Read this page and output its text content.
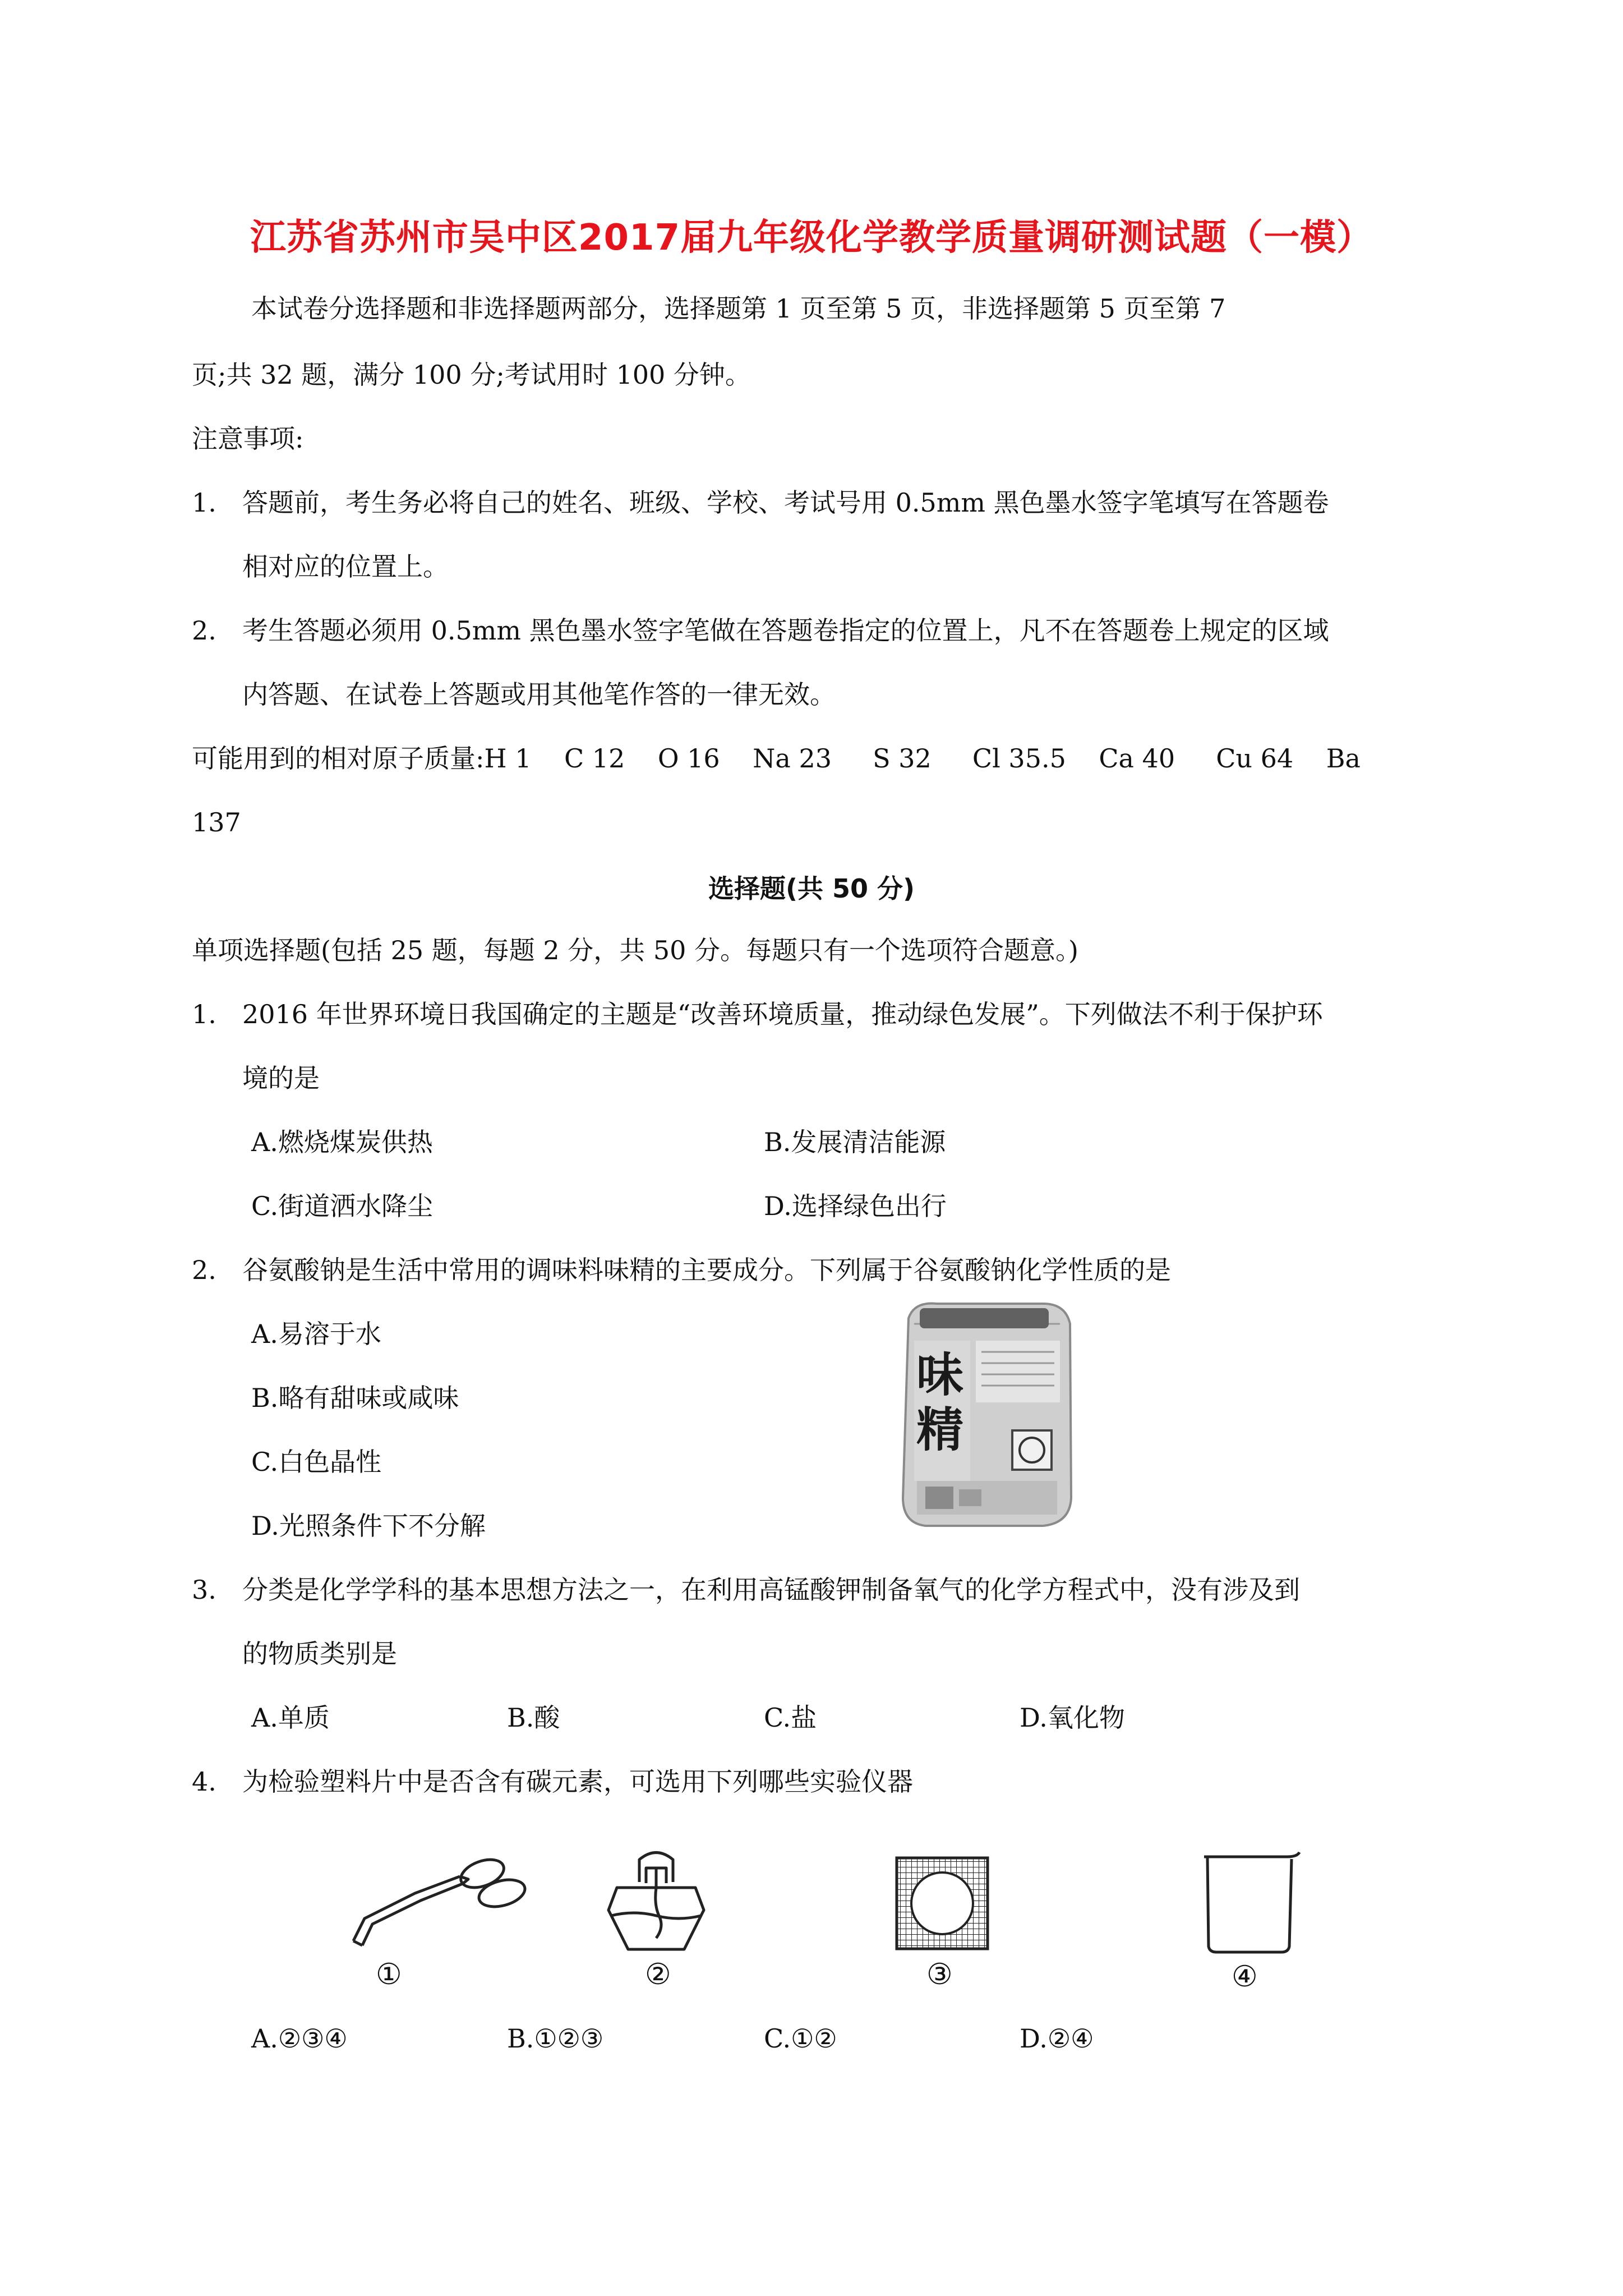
江苏省苏州市吴中区2017届九年级化学教学质量调研测试题（一模）
本试卷分选择题和非选择题两部分，选择题第 1 页至第 5 页，非选择题第 5 页至第 7
页;共 32 题，满分 100 分;考试用时 100 分钟。
注意事项:
1. 答题前，考生务必将自己的姓名、班级、学校、考试号用 0.5mm 黑色墨水签字笔填写在答题卷
相对应的位置上。
2. 考生答题必须用 0.5mm 黑色墨水签字笔做在答题卷指定的位置上，凡不在答题卷上规定的区域
内答题、在试卷上答题或用其他笔作答的一律无效。
可能用到的相对原子质量:H 1    C 12    O 16    Na 23     S 32     Cl 35.5    Ca 40     Cu 64    Ba
137
选择题(共 50 分)
单项选择题(包括 25 题，每题 2 分，共 50 分。每题只有一个选项符合题意。)
1. 2016 年世界环境日我国确定的主题是“改善环境质量，推动绿色发展”。下列做法不利于保护环
境的是
A.燃烧煤炭供热	B.发展清洁能源
C.街道洒水降尘	D.选择绿色出行
2. 谷氨酸钠是生活中常用的调味料味精的主要成分。下列属于谷氨酸钠化学性质的是
A.易溶于水
B.略有甜味或咸味
C.白色晶性
D.光照条件下不分解
味精
3. 分类是化学学科的基本思想方法之一，在利用高锰酸钾制备氧气的化学方程式中，没有涉及到
的物质类别是
A.单质	B.酸	C.盐	D.氧化物
4. 为检验塑料片中是否含有碳元素，可选用下列哪些实验仪器
①	②	③	④
A.②③④	B.①②③	C.①②	D.②④
